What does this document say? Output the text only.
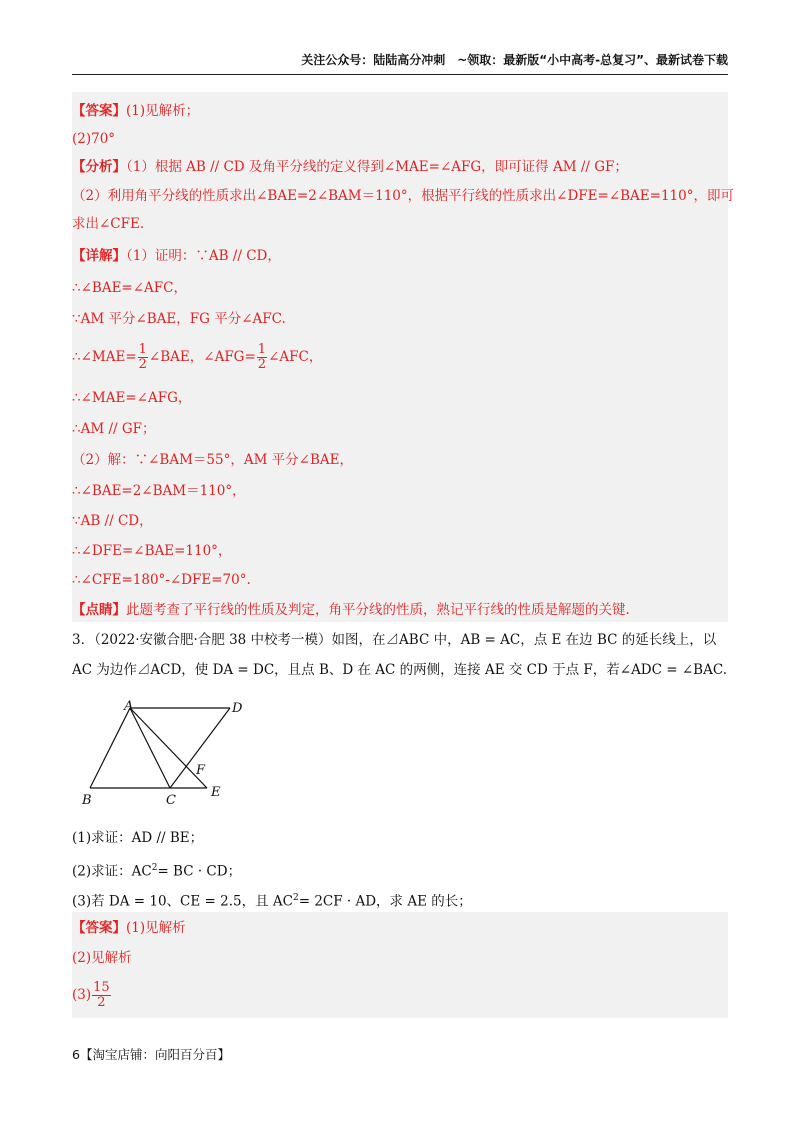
关注公众号：陆陆高分冲刺　~领取：最新版“小中高考-总复习”、最新试卷下载
【答案】(1)见解析；
(2)70°
【分析】（1）根据 AB // CD 及角平分线的定义得到∠MAE=∠AFG，即可证得 AM // GF；
（2）利用角平分线的性质求出∠BAE=2∠BAM＝110°，根据平行线的性质求出∠DFE=∠BAE=110°，即可
求出∠CFE.
【详解】（1）证明：∵AB // CD，
∴∠BAE=∠AFC，
∵AM 平分∠BAE，FG 平分∠AFC.
∴∠MAE= $\frac{1}{2}$ ∠BAE，∠AFG= $\frac{1}{2}$ ∠AFC，
∴∠MAE=∠AFG，
∴AM // GF；
（2）解：∵∠BAM＝55°，AM 平分∠BAE，
∴∠BAE=2∠BAM＝110°，
∵AB // CD，
∴∠DFE=∠BAE=110°，
∴∠CFE=180°-∠DFE=70°.
【点睛】此题考查了平行线的性质及判定，角平分线的性质，熟记平行线的性质是解题的关键.
3．（2022·安徽合肥·合肥 38 中校考一模）如图，在⊿ABC 中，AB = AC，点 E 在边 BC 的延长线上，以
AC 为边作⊿ACD，使 DA = DC，且点 B、D 在 AC 的两侧，连接 AE 交 CD 于点 F，若∠ADC = ∠BAC.
A	D
B	C
E
F
(1)求证：AD // BE；
(2)求证：$AC^2=$ BC · CD；
(3)若 DA = 10、CE = 2.5，且 $AC^2= 2CF$ · AD，求 AE 的长；
【答案】(1)见解析
(2)见解析
$(3) \frac{15}{2}$
6【淘宝店铺：向阳百分百】
